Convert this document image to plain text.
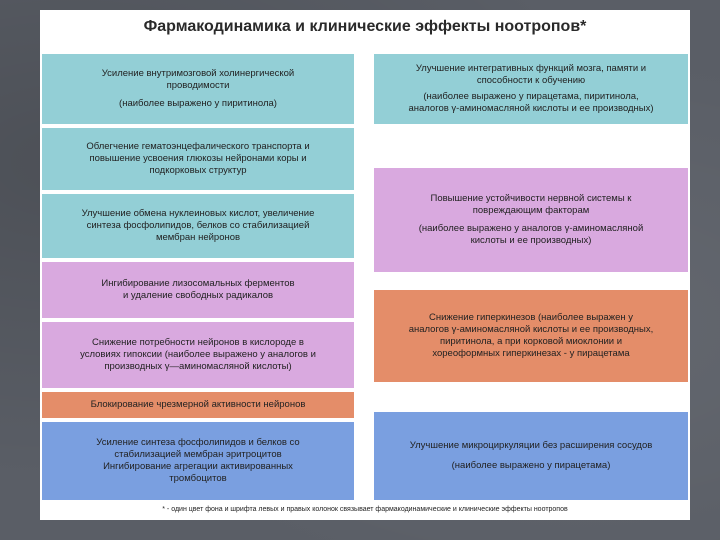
Фармакодинамика и клинические эффекты ноотропов*
Усиление внутримозговой холинергической
проводимости
(наиболее выражено у пиритинола)
Облегчение гематоэнцефалического транспорта и
повышение усвоения глюкозы нейронами коры и
подкорковых структур
Улучшение обмена нуклеиновых кислот, увеличение
синтеза фосфолипидов, белков со стабилизацией
мембран нейронов
Ингибирование лизосомальных ферментов
и удаление свободных радикалов
Снижение потребности нейронов в кислороде в
условиях гипоксии (наиболее выражено у аналогов и
производных γ—аминомасляной кислоты)
Блокирование чрезмерной активности нейронов
Усиление синтеза фосфолипидов и белков со
стабилизацией мембран эритроцитов
Ингибирование агрегации активированных
тромбоцитов
Улучшение интегративных функций мозга, памяти и
способности к обучению
(наиболее выражено у пирацетама, пиритинола,
аналогов γ-аминомасляной кислоты и ее производных)
Повышение устойчивости нервной системы к
повреждающим факторам
(наиболее выражено у аналогов γ-аминомасляной
кислоты и ее производных)
Снижение гиперкинезов (наиболее выражен у
аналогов γ-аминомасляной кислоты и ее производных,
пиритинола, а при корковой миоклонии и
хореоформных гиперкинезах - у пирацетама
Улучшение микроциркуляции без расширения сосудов
(наиболее выражено у пирацетама)
* - один цвет фона и шрифта левых и правых колонок связывает фармакодинамические и клинические эффекты ноотропов
